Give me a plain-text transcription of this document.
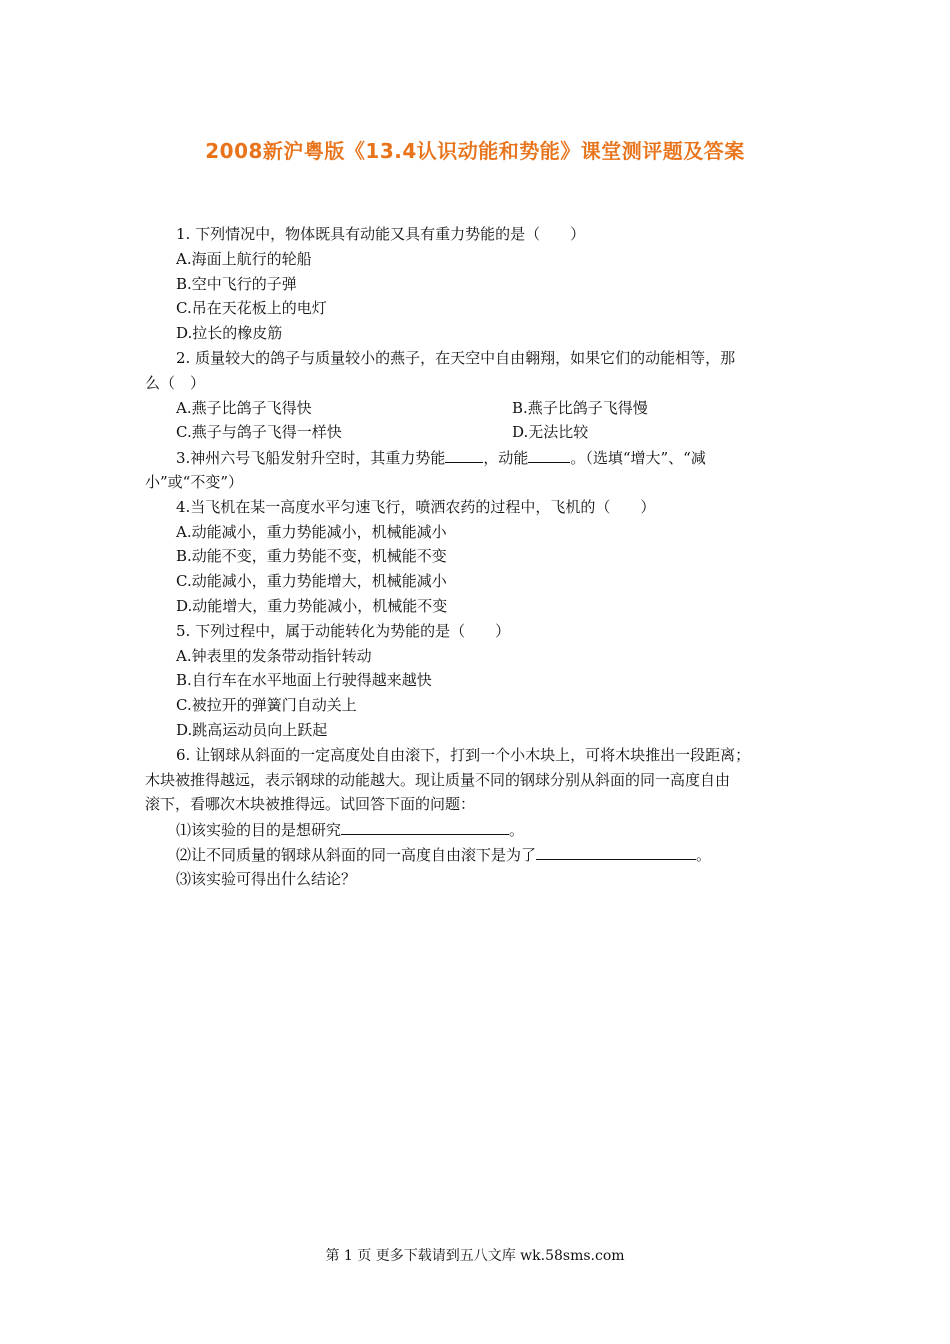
2008新沪粤版《13.4认识动能和势能》课堂测评题及答案
1. 下列情况中，物体既具有动能又具有重力势能的是（　　）
A.海面上航行的轮船
B.空中飞行的子弹
C.吊在天花板上的电灯
D.拉长的橡皮筋
2. 质量较大的鸽子与质量较小的燕子，在天空中自由翱翔，如果它们的动能相等，那
么（　）
A.燕子比鸽子飞得快	B.燕子比鸽子飞得慢
C.燕子与鸽子飞得一样快	D.无法比较
3.神州六号飞船发射升空时，其重力势能	，动能	。（选填“增大”、“减
小”或“不变”）
4.当飞机在某一高度水平匀速飞行，喷洒农药的过程中，飞机的（　　）
A.动能减小，重力势能减小，机械能减小
B.动能不变，重力势能不变，机械能不变
C.动能减小，重力势能增大，机械能减小
D.动能增大，重力势能减小，机械能不变
5. 下列过程中，属于动能转化为势能的是（　　）
A.钟表里的发条带动指针转动
B.自行车在水平地面上行驶得越来越快
C.被拉开的弹簧门自动关上
D.跳高运动员向上跃起
6. 让钢球从斜面的一定高度处自由滚下，打到一个小木块上，可将木块推出一段距离；
木块被推得越远，表示钢球的动能越大。现让质量不同的钢球分别从斜面的同一高度自由
滚下，看哪次木块被推得远。试回答下面的问题：
⑴该实验的目的是想研究	。
⑵让不同质量的钢球从斜面的同一高度自由滚下是为了	。
⑶该实验可得出什么结论？
第 1 页 更多下载请到五八文库 wk.58sms.com
